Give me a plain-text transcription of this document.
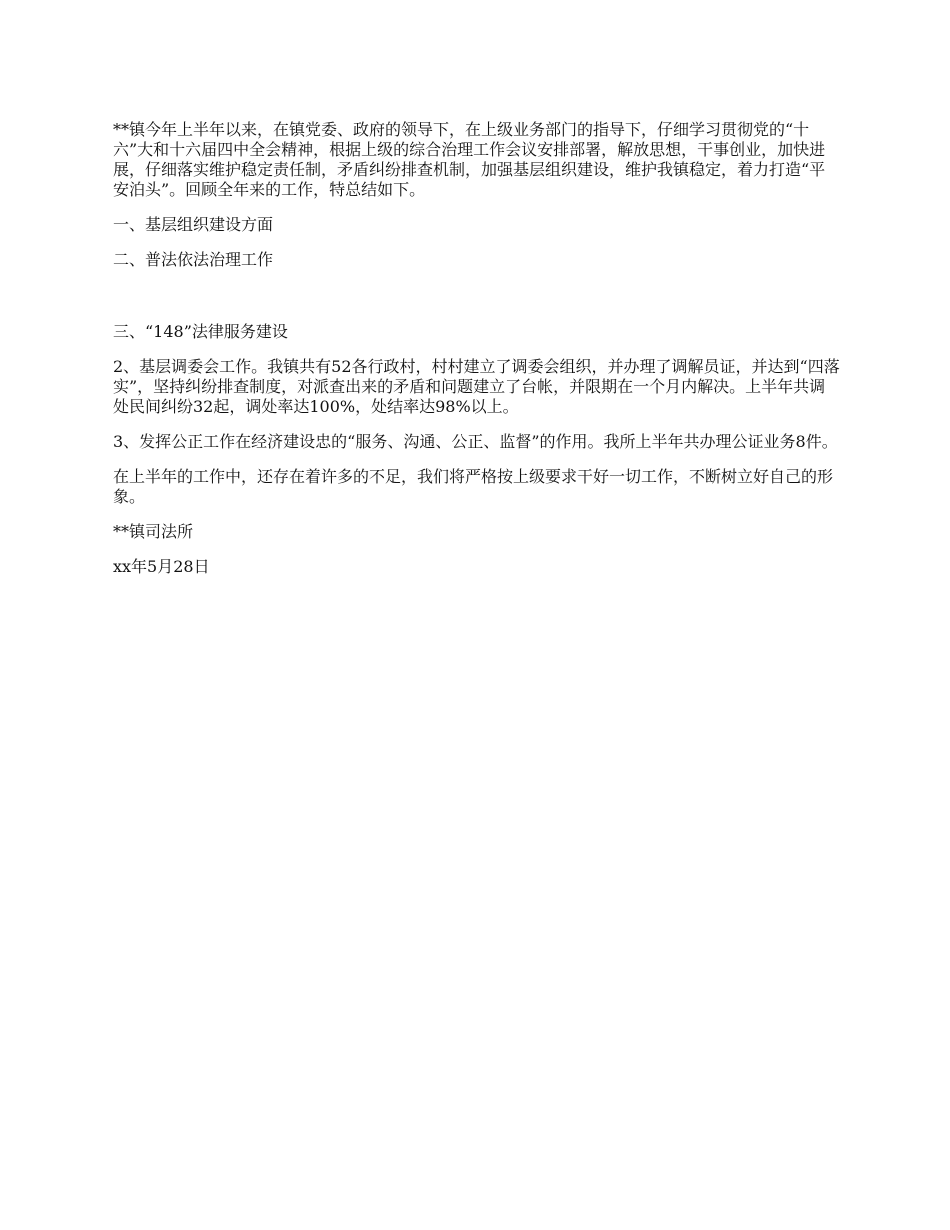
**镇今年上半年以来，在镇党委、政府的领导下，在上级业务部门的指导下，仔细学习贯彻党的“十六”大和十六届四中全会精神，根据上级的综合治理工作会议安排部署，解放思想，干事创业，加快进展，仔细落实维护稳定责任制，矛盾纠纷排查机制，加强基层组织建设，维护我镇稳定，着力打造“平安泊头”。回顾全年来的工作，特总结如下。

一、基层组织建设方面

二、普法依法治理工作

三、“148”法律服务建设

2、基层调委会工作。我镇共有52各行政村，村村建立了调委会组织，并办理了调解员证，并达到“四落实”，坚持纠纷排查制度，对派查出来的矛盾和问题建立了台帐，并限期在一个月内解决。上半年共调处民间纠纷32起，调处率达100%，处结率达98%以上。

3、发挥公正工作在经济建设忠的“服务、沟通、公正、监督”的作用。我所上半年共办理公证业务8件。

在上半年的工作中，还存在着许多的不足，我们将严格按上级要求干好一切工作，不断树立好自己的形象。

**镇司法所

xx年5月28日
